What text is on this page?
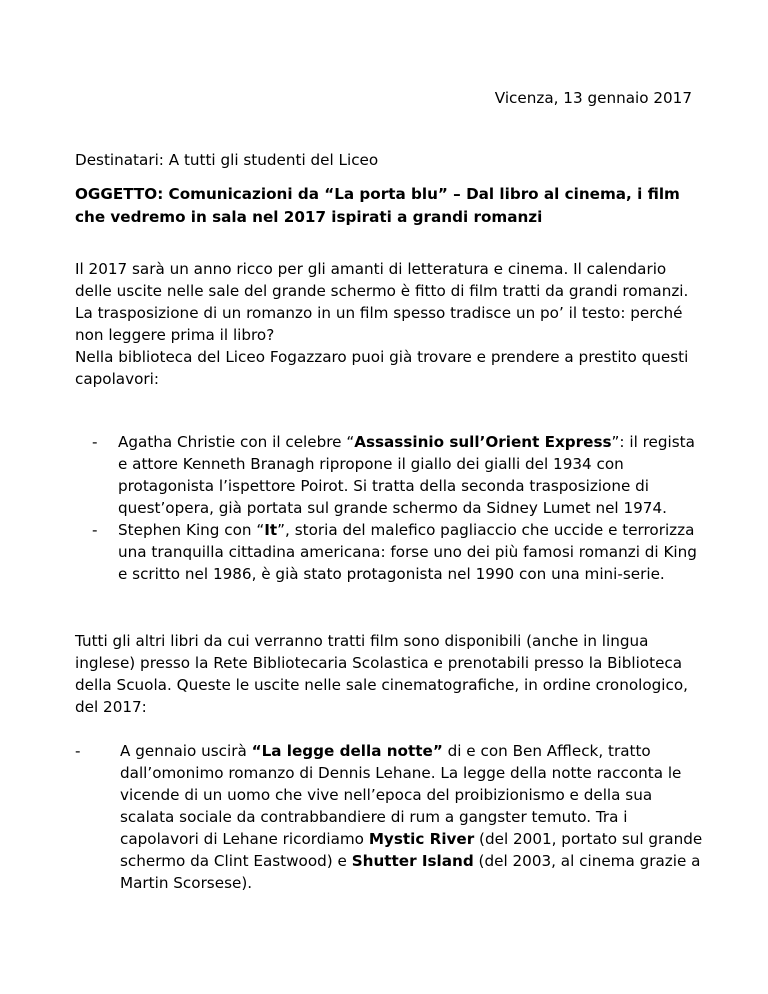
Vicenza, 13 gennaio 2017

Destinatari: A tutti gli studenti del Liceo

OGGETTO: Comunicazioni da “La porta blu” – Dal libro al cinema, i film che vedremo in sala nel 2017 ispirati a grandi romanzi

Il 2017 sarà un anno ricco per gli amanti di letteratura e cinema. Il calendario delle uscite nelle sale del grande schermo è fitto di film tratti da grandi romanzi. La trasposizione di un romanzo in un film spesso tradisce un po’ il testo: perché non leggere prima il libro?
Nella biblioteca del Liceo Fogazzaro puoi già trovare e prendere a prestito questi capolavori:
- Agatha Christie con il celebre “Assassinio sull’Orient Express”: il regista e attore Kenneth Branagh ripropone il giallo dei gialli del 1934 con protagonista l’ispettore Poirot. Si tratta della seconda trasposizione di quest’opera, già portata sul grande schermo da Sidney Lumet nel 1974.
- Stephen King con “It”, storia del malefico pagliaccio che uccide e terrorizza una tranquilla cittadina americana: forse uno dei più famosi romanzi di King e scritto nel 1986, è già stato protagonista nel 1990 con una mini-serie.

Tutti gli altri libri da cui verranno tratti film sono disponibili (anche in lingua inglese) presso la Rete Bibliotecaria Scolastica e prenotabili presso la Biblioteca della Scuola. Queste le uscite nelle sale cinematografiche, in ordine cronologico, del 2017:

-	A gennaio uscirà “La legge della notte” di e con Ben Affleck, tratto dall’omonimo romanzo di Dennis Lehane. La legge della notte racconta le vicende di un uomo che vive nell’epoca del proibizionismo e della sua scalata sociale da contrabbandiere di rum a gangster temuto. Tra i capolavori di Lehane ricordiamo Mystic River (del 2001, portato sul grande schermo da Clint Eastwood) e Shutter Island (del 2003, al cinema grazie a Martin Scorsese).
